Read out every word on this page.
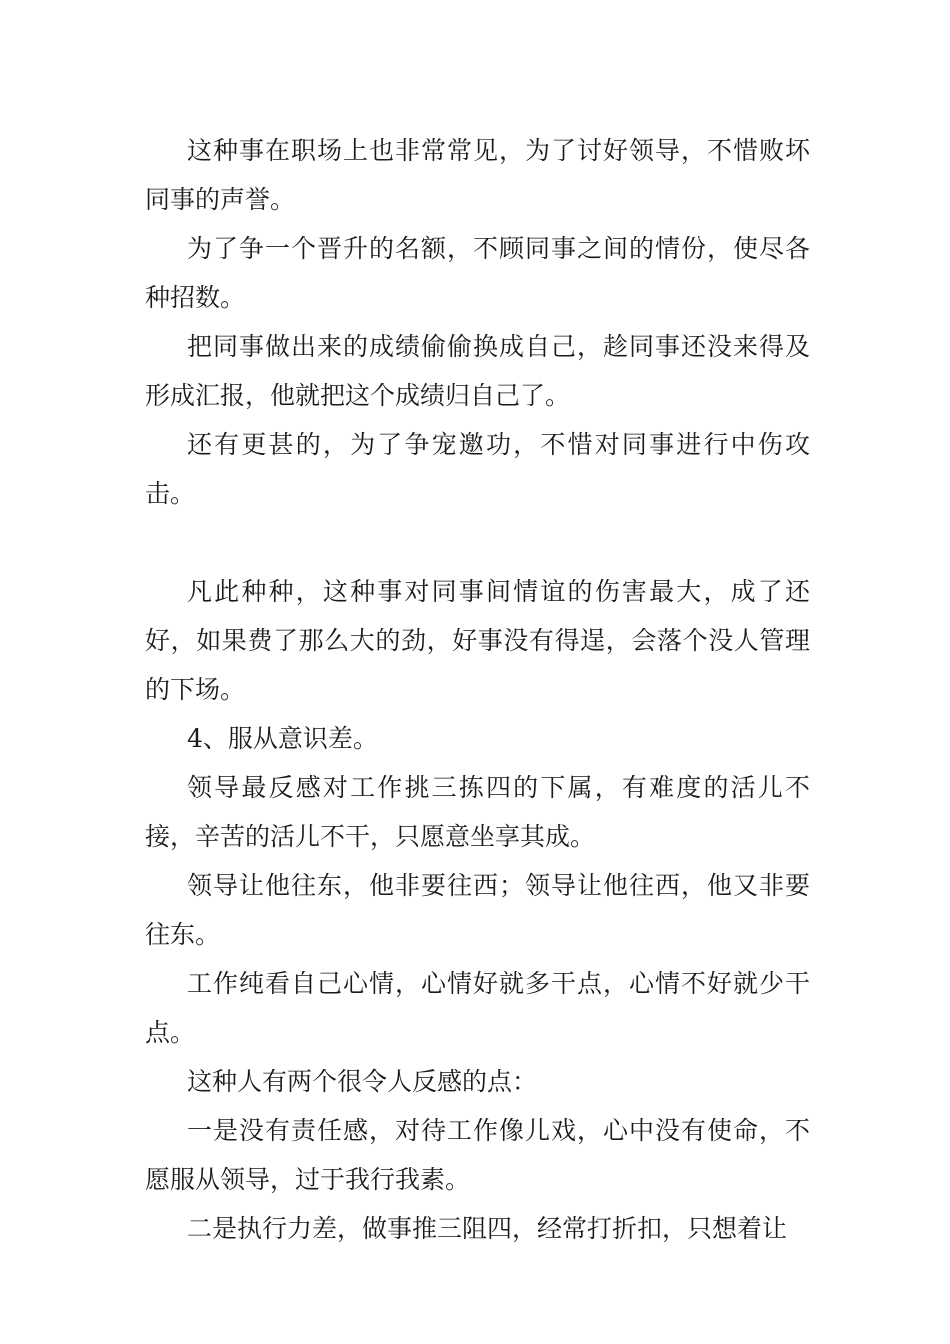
这种事在职场上也非常常见，为了讨好领导，不惜败坏同事的声誉。

为了争一个晋升的名额，不顾同事之间的情份，使尽各种招数。

把同事做出来的成绩偷偷换成自己，趁同事还没来得及形成汇报，他就把这个成绩归自己了。

还有更甚的，为了争宠邀功，不惜对同事进行中伤攻击。

凡此种种，这种事对同事间情谊的伤害最大，成了还好，如果费了那么大的劲，好事没有得逞，会落个没人管理的下场。

4、服从意识差。

领导最反感对工作挑三拣四的下属，有难度的活儿不接，辛苦的活儿不干，只愿意坐享其成。

领导让他往东，他非要往西；领导让他往西，他又非要往东。

工作纯看自己心情，心情好就多干点，心情不好就少干点。

这种人有两个很令人反感的点：

一是没有责任感，对待工作像儿戏，心中没有使命，不愿服从领导，过于我行我素。

二是执行力差，做事推三阻四，经常打折扣，只想着让
